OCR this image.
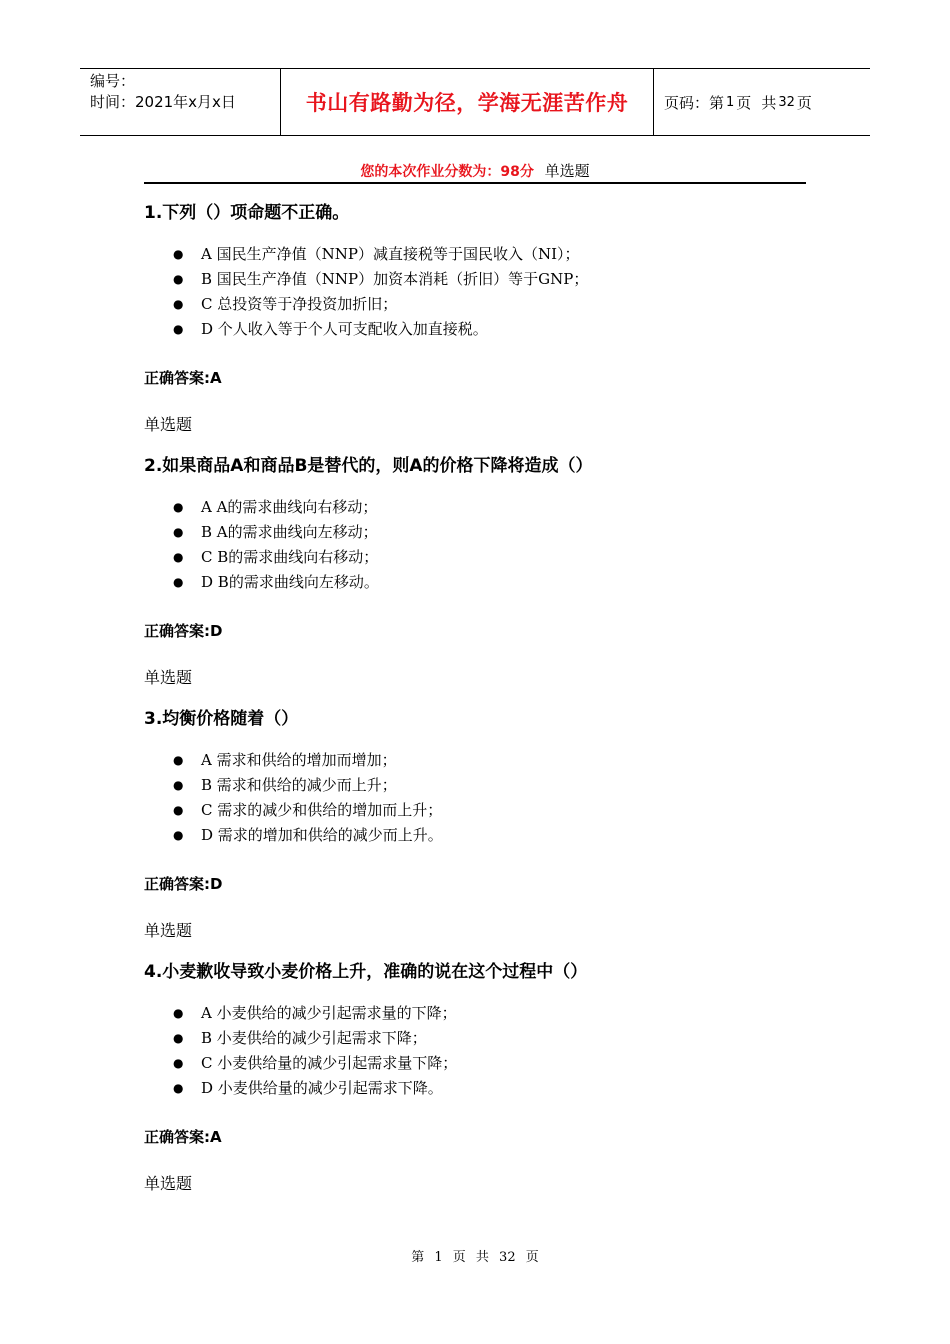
编号：
时间：2021年x月x日	书山有路勤为径，学海无涯苦作舟	页码：第 1 页 共 32 页
您的本次作业分数为：98分 单选题

1.下列（）项命题不正确。

● A 国民生产净值（NNP）减直接税等于国民收入（NI）；
● B 国民生产净值（NNP）加资本消耗（折旧）等于GNP；
● C 总投资等于净投资加折旧；
● D 个人收入等于个人可支配收入加直接税。
正确答案:A
单选题

2.如果商品A和商品B是替代的，则A的价格下降将造成（）

● A A的需求曲线向右移动；
● B A的需求曲线向左移动；
● C B的需求曲线向右移动；
● D B的需求曲线向左移动。
正确答案:D
单选题

3.均衡价格随着（）

● A 需求和供给的增加而增加；
● B 需求和供给的减少而上升；
● C 需求的减少和供给的增加而上升；
● D 需求的增加和供给的减少而上升。
正确答案:D
单选题

4.小麦歉收导致小麦价格上升，准确的说在这个过程中（）

● A 小麦供给的减少引起需求量的下降；
● B 小麦供给的减少引起需求下降；
● C 小麦供给量的减少引起需求量下降；
● D 小麦供给量的减少引起需求下降。
正确答案:A
单选题
第 1 页 共 32 页
